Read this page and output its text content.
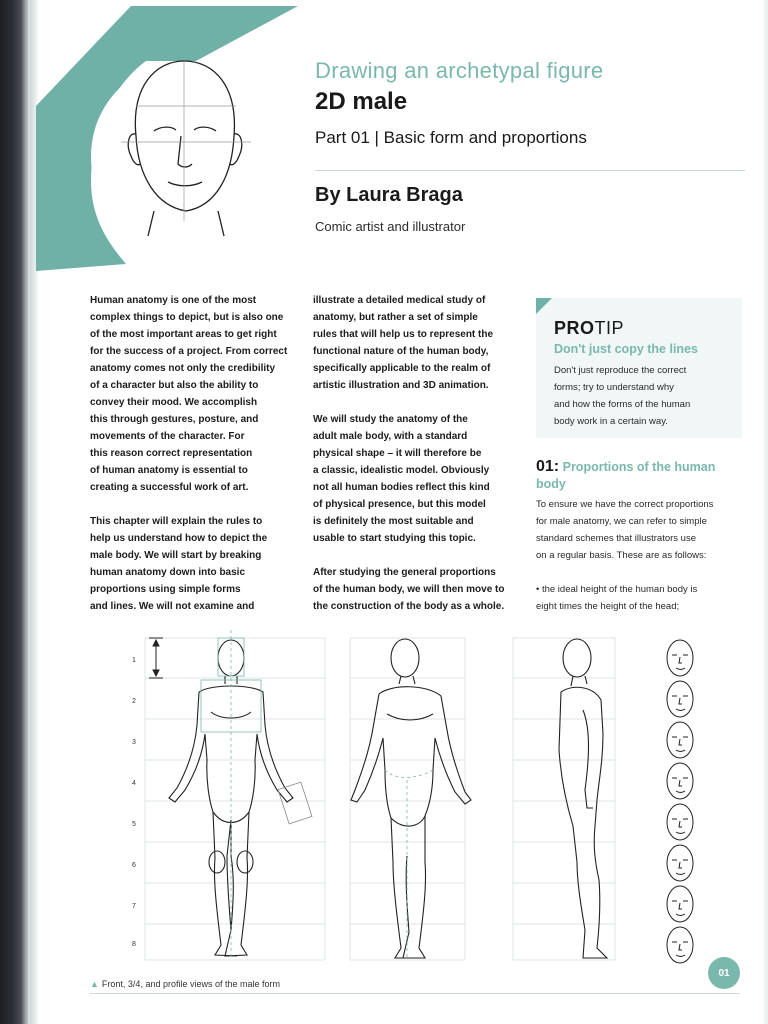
Drawing an archetypal figure

2D male

Part 01 | Basic form and proportions

By Laura Braga
Comic artist and illustrator

Human anatomy is one of the most
complex things to depict, but is also one
of the most important areas to get right
for the success of a project. From correct
anatomy comes not only the credibility
of a character but also the ability to
convey their mood. We accomplish
this through gestures, posture, and
movements of the character. For
this reason correct representation
of human anatomy is essential to
creating a successful work of art.

This chapter will explain the rules to
help us understand how to depict the
male body. We will start by breaking
human anatomy down into basic
proportions using simple forms
and lines. We will not examine and

illustrate a detailed medical study of
anatomy, but rather a set of simple
rules that will help us to represent the
functional nature of the human body,
specifically applicable to the realm of
artistic illustration and 3D animation.

We will study the anatomy of the
adult male body, with a standard
physical shape – it will therefore be
a classic, idealistic model. Obviously
not all human bodies reflect this kind
of physical presence, but this model
is definitely the most suitable and
usable to start studying this topic.

After studying the general proportions
of the human body, we will then move to
the construction of the body as a whole.

PROTIP
Don't just copy the lines
Don't just reproduce the correct
forms; try to understand why
and how the forms of the human
body work in a certain way.
01: Proportions of the human body
To ensure we have the correct proportions
for male anatomy, we can refer to simple
standard schemes that illustrators use
on a regular basis. These are as follows:
• the ideal height of the human body is
eight times the height of the head;
1
2
3
4
5
6
7
8
▲ Front, 3/4, and profile views of the male form
01
